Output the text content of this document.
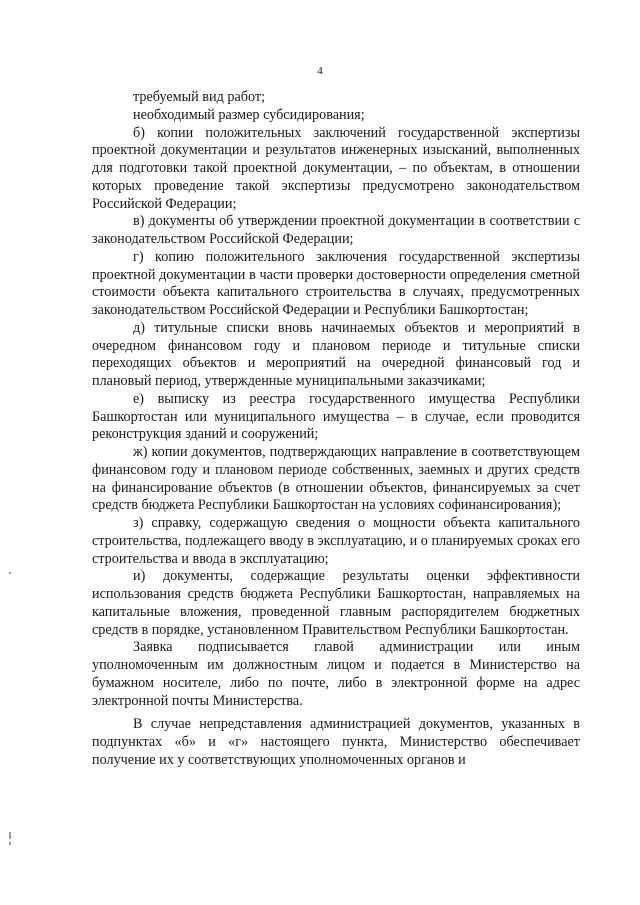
4

требуемый вид работ;

необходимый размер субсидирования;

б) копии положительных заключений государственной экспертизы проектной документации и результатов инженерных изысканий, выполненных для подготовки такой проектной документации, – по объектам, в отношении которых проведение такой экспертизы предусмотрено законодательством Российской Федерации;

в) документы об утверждении проектной документации в соответствии с законодательством Российской Федерации;

г) копию положительного заключения государственной экспертизы проектной документации в части проверки достоверности определения сметной стоимости объекта капитального строительства в случаях, предусмотренных законодательством Российской Федерации и Республики Башкортостан;

д) титульные списки вновь начинаемых объектов и мероприятий в очередном финансовом году и плановом периоде и титульные списки переходящих объектов и мероприятий на очередной финансовый год и плановый период, утвержденные муниципальными заказчиками;

е) выписку из реестра государственного имущества Республики Башкортостан или муниципального имущества – в случае, если проводится реконструкция зданий и сооружений;

ж) копии документов, подтверждающих направление в соответствующем финансовом году и плановом периоде собственных, заемных и других средств на финансирование объектов (в отношении объектов, финансируемых за счет средств бюджета Республики Башкортостан на условиях софинансирования);

з) справку, содержащую сведения о мощности объекта капитального строительства, подлежащего вводу в эксплуатацию, и о планируемых сроках его строительства и ввода в эксплуатацию;

и) документы, содержащие результаты оценки эффективности использования средств бюджета Республики Башкортостан, направляемых на капитальные вложения, проведенной главным распорядителем бюджетных средств в порядке, установленном Правительством Республики Башкортостан.

Заявка подписывается главой администрации или иным уполномоченным им должностным лицом и подается в Министерство на бумажном носителе, либо по почте, либо в электронной форме на адрес электронной почты Министерства.

В случае непредставления администрацией документов, указанных в подпунктах «б» и «г» настоящего пункта, Министерство обеспечивает получение их у соответствующих уполномоченных органов и
